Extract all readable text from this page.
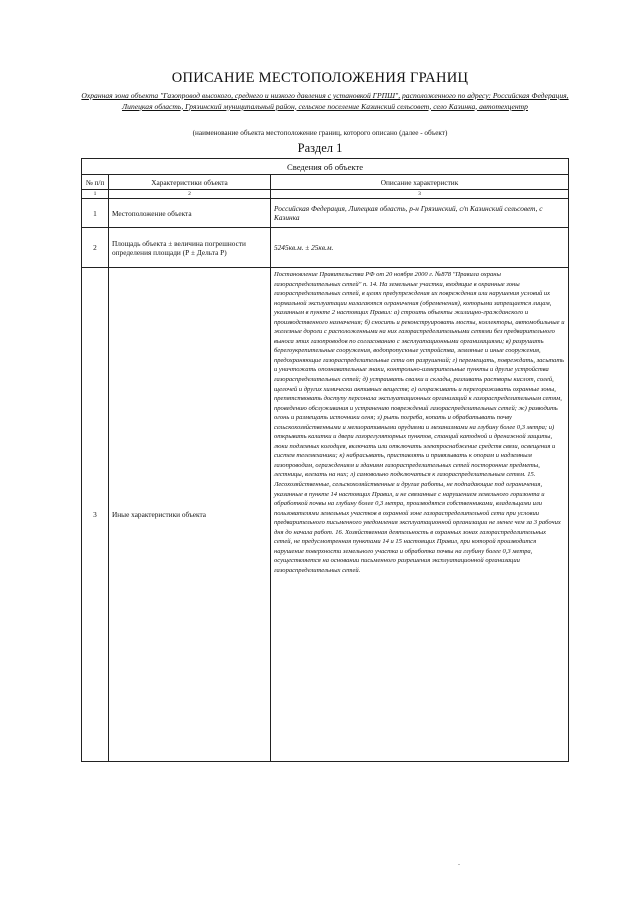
ОПИСАНИЕ МЕСТОПОЛОЖЕНИЯ ГРАНИЦ
Охранная зона объекта "Газопровод высокого, среднего и низкого давления с установкой ГРПШ", расположенного по адресу: Российская Федерация, Липецкая область, Грязинский муниципальный район, сельское поселение Казинский сельсовет, село Казинка, автотехцентр
(наименование объекта местоположение границ, которого описано (далее - объект)
Раздел 1
Сведения об объекте		
№ п/п	Характеристики объекта	Описание характеристик
1	2	3
1	Местоположение объекта	Российская Федерация, Липецкая область, р-н Грязинский, с/п Казинский сельсовет, с Казинка
2	Площадь объекта ± величина погрешности определения площади (Р ± Дельта Р)	5245кв.м. ± 25кв.м.
3	Иные характеристики объекта	Постановление Правительства РФ от 20 ноября 2000 г. №878 "Правила охраны газораспределительных сетей" п. 14. На земельные участки, входящие в охранные зоны газораспределительных сетей, в целях предупреждения их повреждения или нарушения условий их нормальной эксплуатации налагаются ограничения (обременения), которыми запрещается лицам, указанным в пункте 2 настоящих Правил: а) строить объекты жилищно-гражданского и производственного назначения; б) сносить и реконструировать мосты, коллекторы, автомобильные и железные дороги с расположенными на них газораспределительными сетями без предварительного выноса этих газопроводов по согласованию с эксплуатационными организациями; в) разрушать берегоукрепительные сооружения, водопропускные устройства, земляные и иные сооружения, предохраняющие газораспределительные сети от разрушений; г) перемещать, повреждать, засыпать и уничтожать опознавательные знаки, контрольно-измерительные пункты и другие устройства газораспределительных сетей; д) устраивать свалки и склады, разливать растворы кислот, солей, щелочей и других химически активных веществ; е) огораживать и перегораживать охранные зоны, препятствовать доступу персонала эксплуатационных организаций к газораспределительным сетям, проведению обслуживания и устранению повреждений газораспределительных сетей; ж) разводить огонь и размещать источники огня; з) рыть погреба, копать и обрабатывать почву сельскохозяйственными и мелиоративными орудиями и механизмами на глубину более 0,3 метра; и) открывать калитки и двери газорегуляторных пунктов, станций катодной и дренажной защиты, люки подземных колодцев, включать или отключать электроснабжение средств связи, освещения и систем телемеханики; к) набрасывать, приставлять и привязывать к опорам и надземным газопроводам, ограждениям и зданиям газораспределительных сетей посторонние предметы, лестницы, влезать на них; л) самовольно подключаться к газораспределительным сетям. 15. Лесохозяйственные, сельскохозяйственные и другие работы, не подпадающие под ограничения, указанные в пункте 14 настоящих Правил, и не связанные с нарушением земельного горизонта и обработкой почвы на глубину более 0,3 метра, производятся собственниками, владельцами или пользователями земельных участков в охранной зоне газораспределительной сети при условии предварительного письменного уведомления эксплуатационной организации не менее чем за 3 рабочих дня до начала работ. 16. Хозяйственная деятельность в охранных зонах газораспределительных сетей, не предусмотренная пунктами 14 и 15 настоящих Правил, при которой производится нарушение поверхности земельного участка и обработка почвы на глубину более 0,3 метра, осуществляется на основании письменного разрешения эксплуатационной организации газораспределительных сетей.
.
